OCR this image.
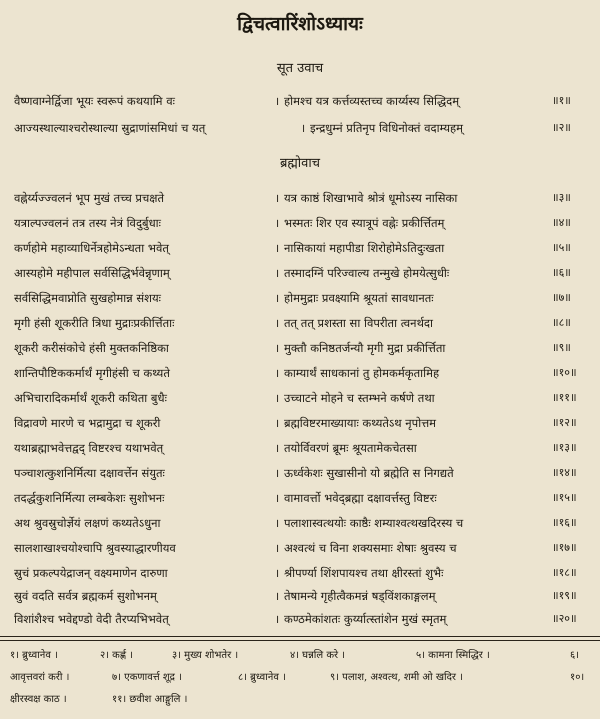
द्विचत्वारिंशोऽध्यायः
सूत उवाच
वैष्णवाग्नेर्द्विजा भूयः स्वरूपं कथयामि वः	। होमश्च यत्र कर्त्तव्यस्तच्च कार्य्यस्य सिद्धिदम्	॥१॥
आज्यस्थाल्याश्चरोस्थाल्या स्रुद्राणांसमिधां च यत्	। इन्द्रधुम्नं प्रतिनृप विधिनोक्तं वदाम्यहम्	॥२॥
ब्रह्मोवाच
वह्नेर्य्यज्ज्वलनं भूप मुखं तच्च प्रचक्षते	। यत्र काष्ठं शिखाभावे श्रोत्रं धूमोऽस्य नासिका	॥३॥
यत्राल्पज्वलनं तत्र तस्य नेत्रं विदुर्बुधाः	। भस्मतः शिर एव स्यात्रूपं वह्नेः प्रकीर्त्तितम्	॥४॥
कर्णहोमे महाव्याधिर्नेत्रहोमेऽन्धता भवेत्	। नासिकायां महापीडा शिरोहोमेऽतिदुःखता	॥५॥
आस्यहोमे महीपाल सर्वसिद्धिर्भवेन्नृणाम्	। तस्मादग्निं परिज्वाल्य तन्मुखे होमयेत्सुधीः	॥६॥
सर्वसिद्धिमवाप्नोति सुखहोमान्न संशयः	। होममुद्राः प्रवक्ष्यामि श्रूयतां सावधानतः	॥७॥
मृगी हंसी शूकरीति त्रिधा मुद्राःप्रकीर्त्तिताः	। तत् तत् प्रशस्ता सा विपरीता त्वनर्थदा	॥८॥
शूकरी करीसंकोचे हंसी मुक्तकनिष्ठिका	। मुक्तौ कनिष्ठतर्जन्यौ मृगी मुद्रा प्रकीर्त्तिता	॥९॥
शान्तिपौष्टिककर्मार्थं मृगीहंसी च कथ्यते	। काम्यार्थं साधकानां तु होमकर्मकृतामिह	॥१०॥
अभिचारादिकर्मार्थं शूकरी कथिता बुधैः	। उच्चाटने मोहने च स्तम्भने कर्षणे तथा	॥११॥
विद्रावणे मारणे च भद्रामुद्रा च शूकरी	। ब्रह्मविष्टरमाख्यायाः कथ्यतेऽथ नृपोत्तम	॥१२॥
यथाब्रह्माभवेत्तद्वद् विष्टरश्च यथाभवेत्	। तयोर्विवरणं ब्रूमः श्रूयतामेकचेतसा	॥१३॥
पञ्चाशत्कुशनिर्मित्या दक्षावर्त्तेन संयुतः	। ऊर्ध्वकेशः सुखासीनो यो ब्रह्मेति स निगद्यते	॥१४॥
तदर्द्धकुशनिर्मित्या लम्बकेशः सुशोभनः	। वामावर्त्तो भवेद्ब्रह्मा दक्षावर्त्तस्तु विष्टरः	॥१५॥
अथ श्रुवस्रुचोर्ज्ञेयं लक्षणं कथ्यतेऽधुना	। पलाशास्वत्थयोः काष्ठैः शम्याश्वत्थखदिरस्य च	॥१६॥
सालशाखाश्चयोश्चापि श्रुवस्याद्धारणीयव	। अश्वत्थं च विना शक्यसमाः शेषाः श्रुवस्य च	॥१७॥
स्रुचं प्रकल्पयेद्राजन् वक्ष्यमाणेन दारुणा	। श्रीपर्ण्या शिंशपायश्च तथा क्षीरस्तां शुभैः	॥१८॥
स्रुवं वदति सर्वत्र ब्रह्मकर्म सुशोभनम्	। तेषामन्ये गृहीत्वैकमन्नं षड्विंशकाङ्गलम्	॥१९॥
विशांशैश्च भवेद्दण्डो वेदी तैरप्यभिभवेत्	। कण्ठमेकांशतः कुर्य्यात्स्तांशेन मुखं स्मृतम्	॥२०॥
१। ब्रुध्वानेव ।	२। कर्ह्ण ।	३। मुख्य शोभतेर ।	४। घन्नलि करे ।	५। कामना स्मिद्धिर ।	६।
आवृत्तवरां करी ।	७। एकणावर्त्त शूद्र ।	८। ब्रुध्वानेव ।	९। पलाश, अश्वत्थ, शमी ओ खदिर ।	१०।
क्षीरस्वक्ष काठ ।	११। छवीश आङ्गुलि ।
